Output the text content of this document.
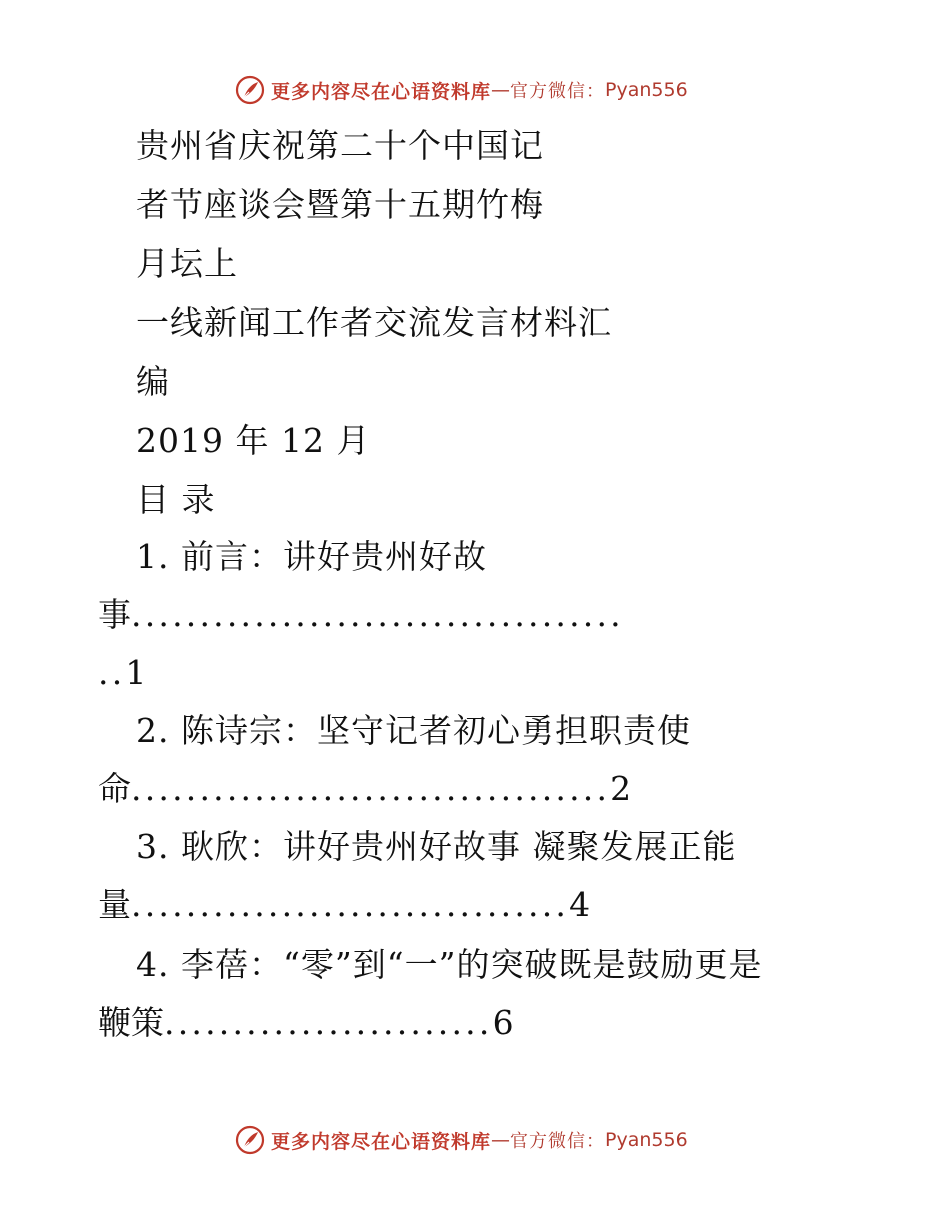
更多内容尽在心语资料库 — 官方微信： Pyan556
贵州省庆祝第二十个中国记
者节座谈会暨第十五期竹梅
月坛上
一线新闻工作者交流发言材料汇
编
2019 年 12 月
目 录
1. 前言：讲好贵州好故
事 ....................................
.. 1
2. 陈诗宗：坚守记者初心勇担职责使
命 ................................... 2
3. 耿欣：讲好贵州好故事 凝聚发展正能
量 ................................ 4
4. 李蓓：“零”到“一”的突破既是鼓励更是
鞭策 ........................ 6
更多内容尽在心语资料库 — 官方微信： Pyan556
